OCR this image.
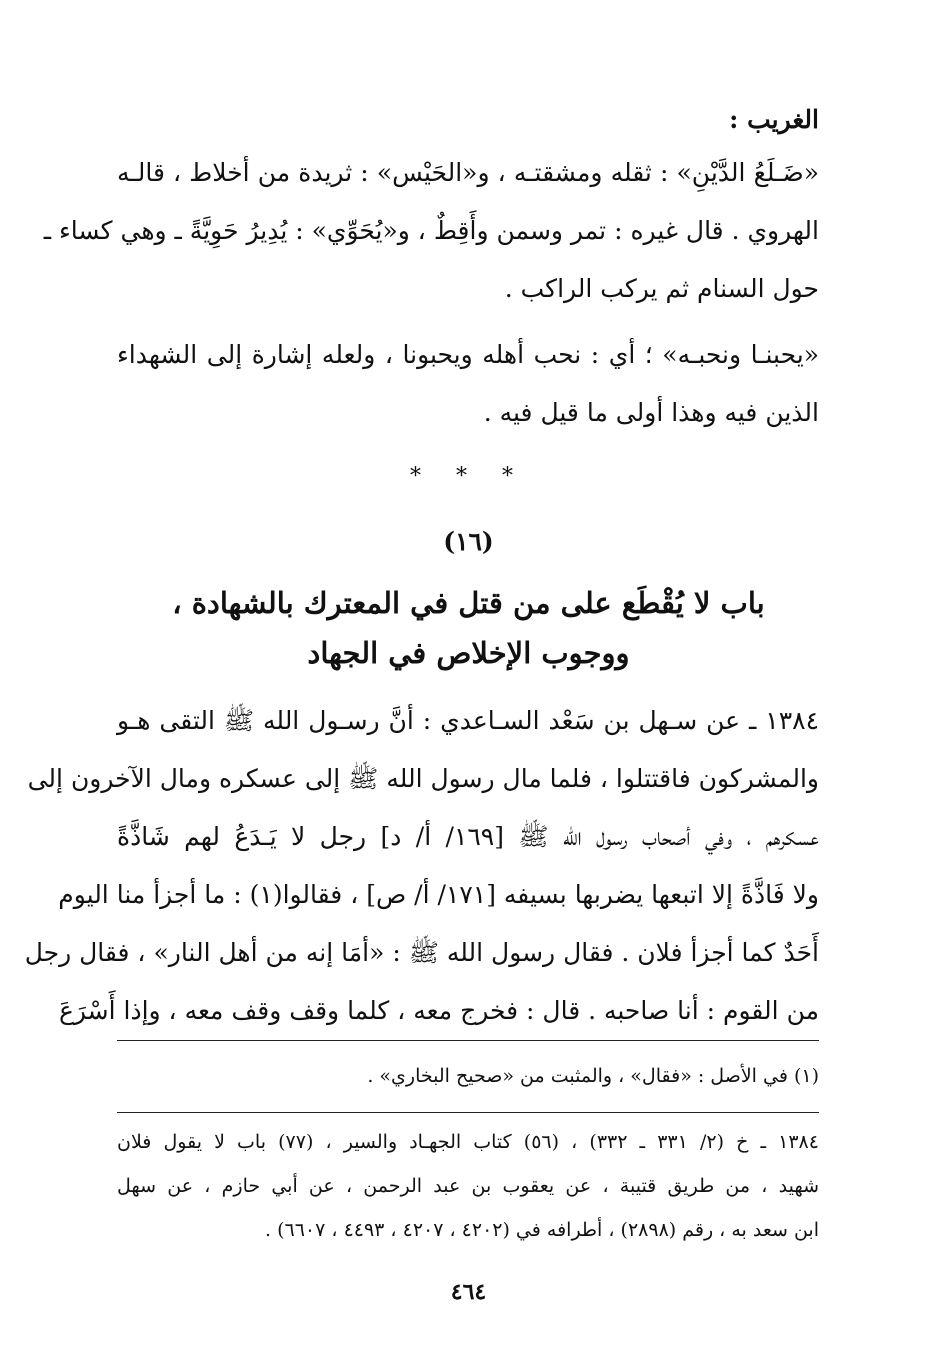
الغريب :
«ضَـلَعُ الدَّيْنِ» : ثقله ومشقتـه ، و«الحَيْس» : ثريدة من أخلاط ، قالـه
الهروي . قال غيره : تمر وسمن وأَقِطٌ ، و«يُحَوِّي» : يُدِيرُ حَوِيَّةً ـ وهي كساء ـ
حول السنام ثم يركب الراكب .
«يحبنـا ونحبـه» ؛ أي : نحب أهله ويحبونا ، ولعله إشارة إلى الشهداء
الذين فيه وهذا أولى ما قيل فيه .
* * *
(١٦)
باب لا يُقْطَع على من قتل في المعترك بالشهادة ،
ووجوب الإخلاص في الجهاد
١٣٨٤ ـ عن سـهل بن سَعْد السـاعدي : أنَّ رسـول الله ﷺ التقى هـو
والمشركون فاقتتلوا ، فلما مال رسول الله ﷺ إلى عسكره ومال الآخرون إلى
عسكرهم ، وفي أصحاب رسول الله ﷺ [١٦٩/ أ/ د] رجل لا يَـدَعُ لهم شَاذَّةً
ولا فَاذَّةً إلا اتبعها يضربها بسيفه [١٧١/ أ/ ص] ، فقالوا(١) : ما أجزأ منا اليوم
أَحَدٌ كما أجزأ فلان . فقال رسول الله ﷺ : «أمَا إنه من أهل النار» ، فقال رجل
من القوم : أنا صاحبه . قال : فخرج معه ، كلما وقف وقف معه ، وإذا أَسْرَعَ
(١) في الأصل : «فقال» ، والمثبت من «صحيح البخاري» .
١٣٨٤ ـ خ (٢/ ٣٣١ ـ ٣٣٢) ، (٥٦) كتاب الجهـاد والسير ، (٧٧) باب لا يقول فلان
شهيد ، من طريق قتيبة ، عن يعقوب بن عبد الرحمن ، عن أبي حازم ، عن سهل
ابن سعد به ، رقم (٢٨٩٨) ، أطرافه في (٤٢٠٢ ، ٤٢٠٧ ، ٤٤٩٣ ، ٦٦٠٧) .
٤٦٤
